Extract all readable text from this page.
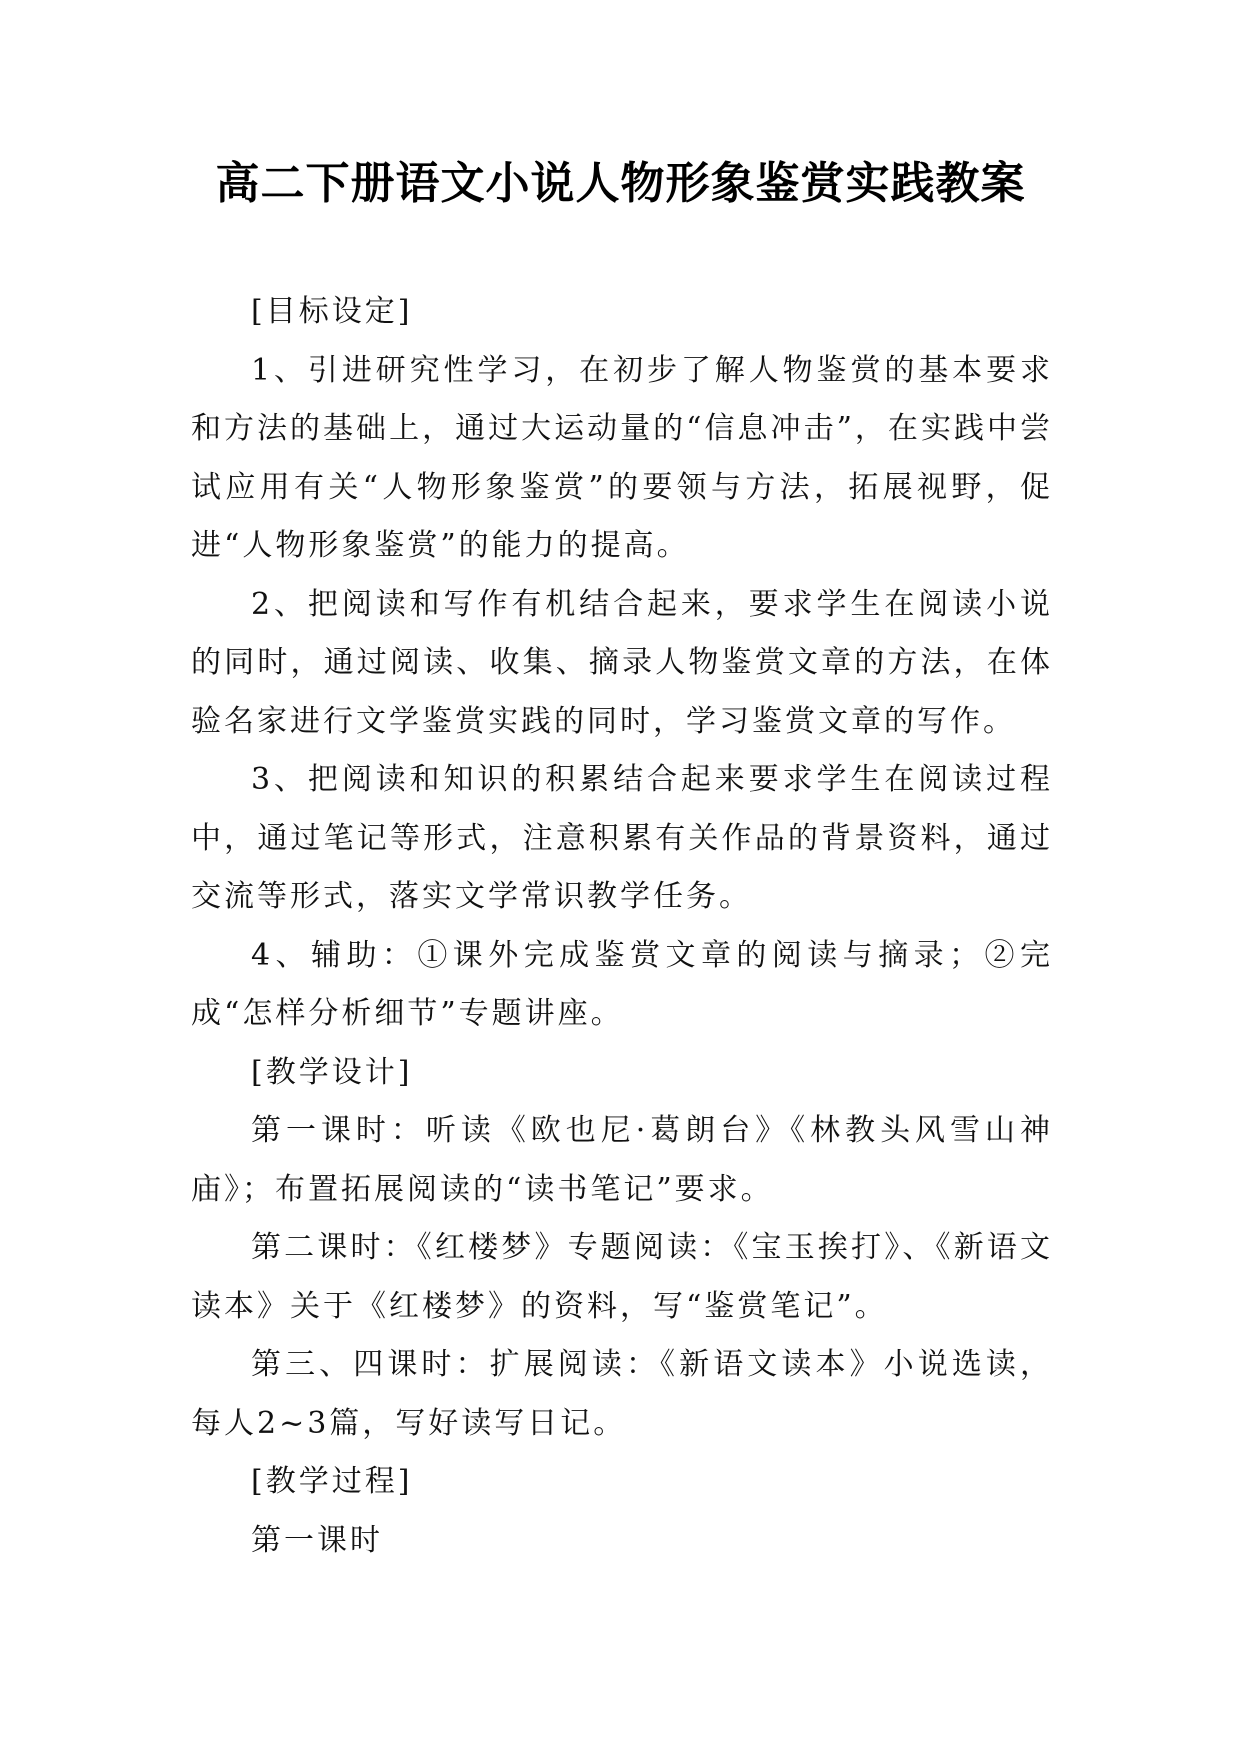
高二下册语文小说人物形象鉴赏实践教案

[目标设定]

1、引进研究性学习，在初步了解人物鉴赏的基本要求和方法的基础上，通过大运动量的“信息冲击”，在实践中尝试应用有关“人物形象鉴赏”的要领与方法，拓展视野，促进“人物形象鉴赏”的能力的提高。

2、把阅读和写作有机结合起来，要求学生在阅读小说的同时，通过阅读、收集、摘录人物鉴赏文章的方法，在体验名家进行文学鉴赏实践的同时，学习鉴赏文章的写作。

3、把阅读和知识的积累结合起来要求学生在阅读过程中，通过笔记等形式，注意积累有关作品的背景资料，通过交流等形式，落实文学常识教学任务。

4、辅助：①课外完成鉴赏文章的阅读与摘录；②完成“怎样分析细节”专题讲座。

[教学设计]

第一课时：听读《欧也尼·葛朗台》《林教头风雪山神庙》；布置拓展阅读的“读书笔记”要求。

第二课时：《红楼梦》专题阅读：《宝玉挨打》、《新语文读本》关于《红楼梦》的资料，写“鉴赏笔记”。

第三、四课时：扩展阅读：《新语文读本》小说选读，每人2~3篇，写好读写日记。

[教学过程]

第一课时
